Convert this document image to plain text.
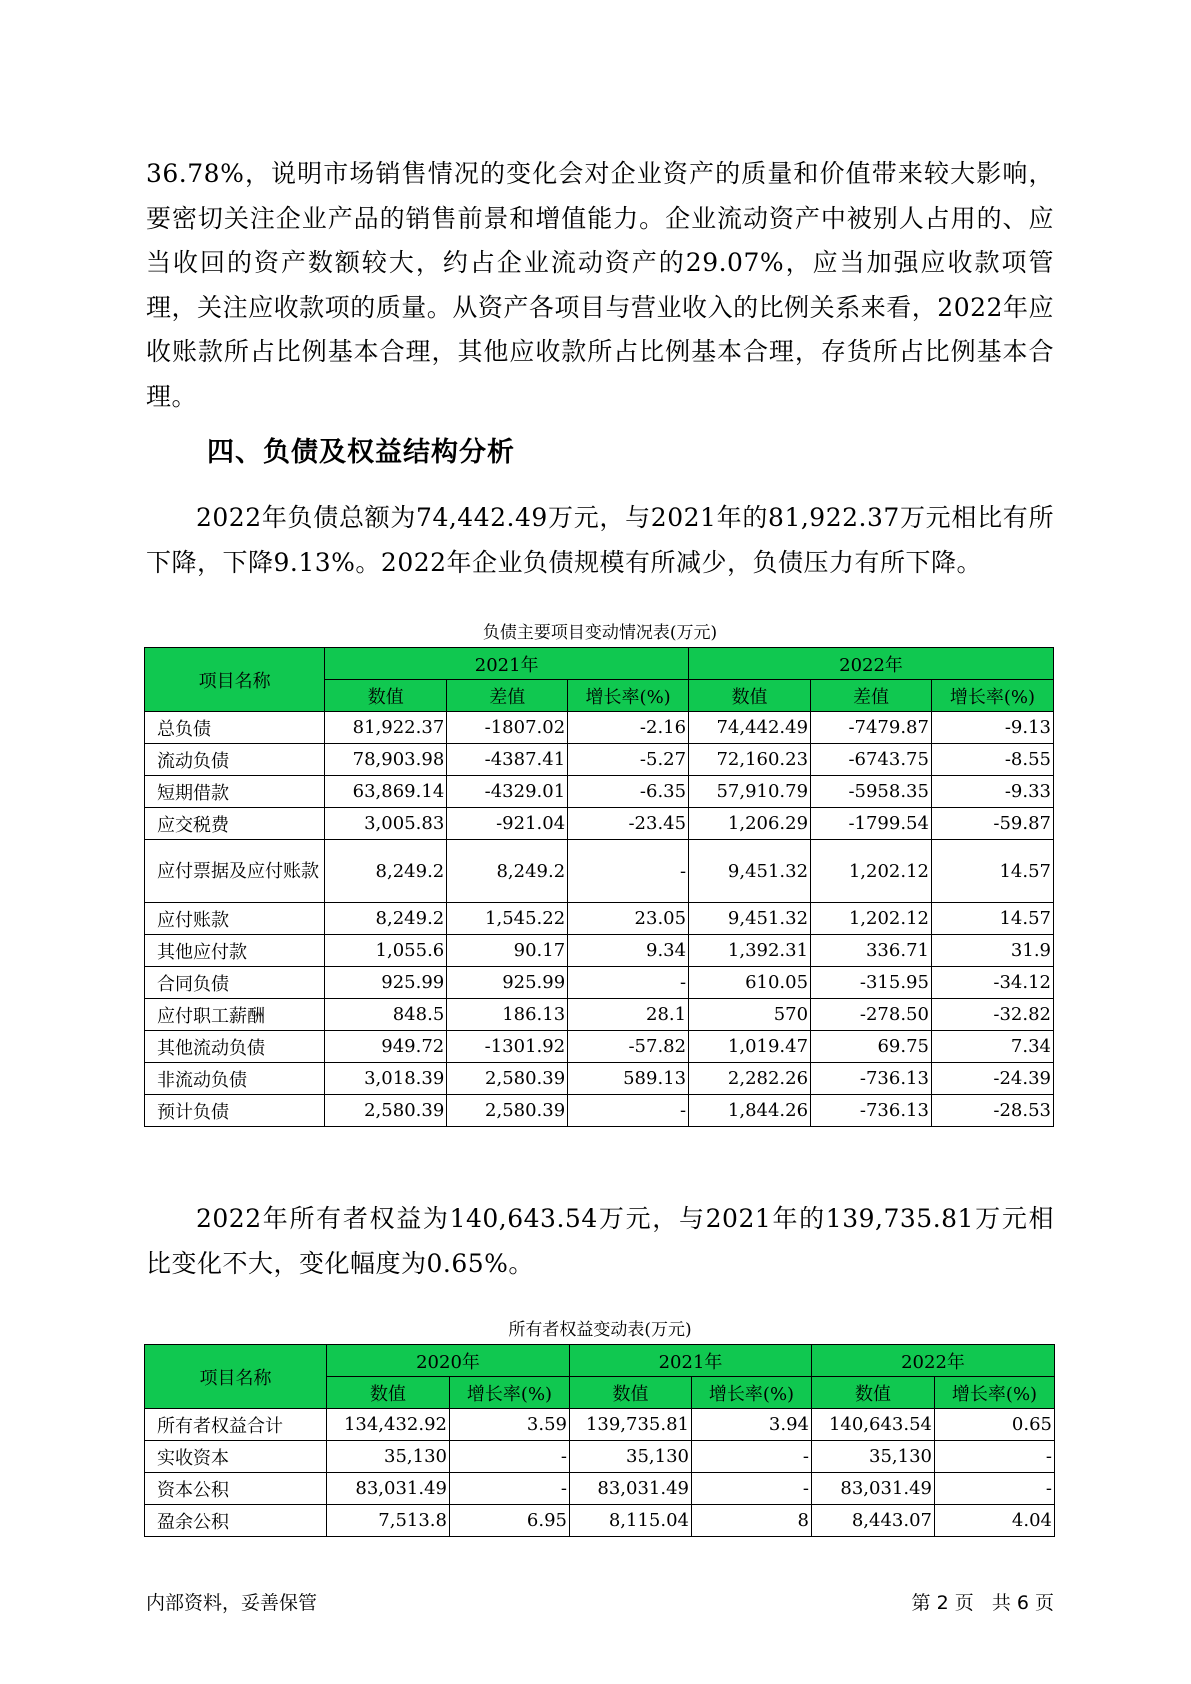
36.78%，说明市场销售情况的变化会对企业资产的质量和价值带来较大影响，要密切关注企业产品的销售前景和增值能力。企业流动资产中被别人占用的、应当收回的资产数额较大，约占企业流动资产的29.07%，应当加强应收款项管理，关注应收款项的质量。从资产各项目与营业收入的比例关系来看，2022年应收账款所占比例基本合理，其他应收款所占比例基本合理，存货所占比例基本合理。
四、负债及权益结构分析
2022年负债总额为74,442.49万元，与2021年的81,922.37万元相比有所下降，下降9.13%。2022年企业负债规模有所减少，负债压力有所下降。
负债主要项目变动情况表(万元)
项目名称	2021年			2022年		
	数值	差值	增长率(%)	数值	差值	增长率(%)
总负债	81,922.37	-1807.02	-2.16	74,442.49	-7479.87	-9.13
流动负债	78,903.98	-4387.41	-5.27	72,160.23	-6743.75	-8.55
短期借款	63,869.14	-4329.01	-6.35	57,910.79	-5958.35	-9.33
应交税费	3,005.83	-921.04	-23.45	1,206.29	-1799.54	-59.87
应付票据及应付账款	8,249.2	8,249.2	-	9,451.32	1,202.12	14.57
应付账款	8,249.2	1,545.22	23.05	9,451.32	1,202.12	14.57
其他应付款	1,055.6	90.17	9.34	1,392.31	336.71	31.9
合同负债	925.99	925.99	-	610.05	-315.95	-34.12
应付职工薪酬	848.5	186.13	28.1	570	-278.50	-32.82
其他流动负债	949.72	-1301.92	-57.82	1,019.47	69.75	7.34
非流动负债	3,018.39	2,580.39	589.13	2,282.26	-736.13	-24.39
预计负债	2,580.39	2,580.39	-	1,844.26	-736.13	-28.53
2022年所有者权益为140,643.54万元，与2021年的139,735.81万元相比变化不大，变化幅度为0.65%。
所有者权益变动表(万元)
项目名称	2020年		2021年		2022年	
	数值	增长率(%)	数值	增长率(%)	数值	增长率(%)
所有者权益合计	134,432.92	3.59	139,735.81	3.94	140,643.54	0.65
实收资本	35,130	-	35,130	-	35,130	-
资本公积	83,031.49	-	83,031.49	-	83,031.49	-
盈余公积	7,513.8	6.95	8,115.04	8	8,443.07	4.04
内部资料，妥善保管	第 2 页   共 6 页
